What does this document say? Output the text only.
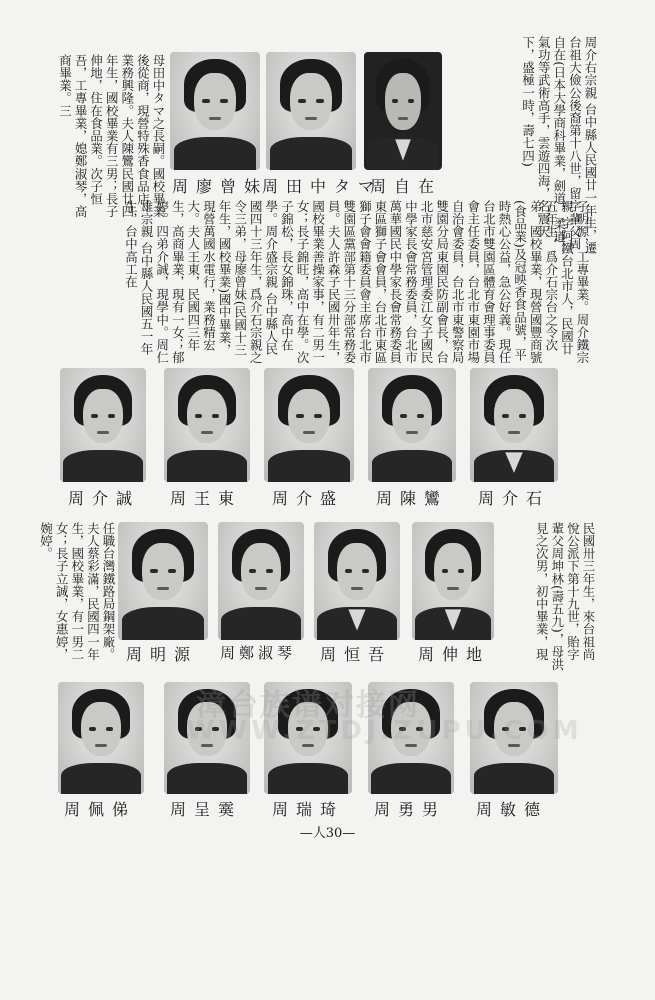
周介右宗親 台中縣人民國廿一年生，遷台祖大儉公後裔第十八世，留字輩父周自在(日本大學商科畢業，劍道，柔道，氣功等武術高手，雲遊四海，名震天下，盛極一時，壽七四)
母田中タマ之長嗣。國校畢業後從商，現營特殊香食品店，業務興隆。夫人陳鸞民國廿四年生，國校畢業有三男；長子伸地，住在食品業。次子恒吾，工專畢業，媳鄭淑琴，高商畢業。三
周自在
周田中タマ
周廖曾妹
子明源，工專畢業。周介鐵宗親 字阿鐵台北市人，民國廿五年生，爲介石宗台之令次弟。國校畢業，現營國豐商號(食品業)及冠映香食品號，平時熱心公益，急公好義。現任台北市雙園區體育會理事委員會主任委員，台北市東園市場自治會委員，台北市東警察局雙園分局東園民防副會長，台北市慈安宮管理委江女子國民中學家長會常務委員，台北市萬華國民中學家長會常務委員
東區獅子會會員，台北市東區獅子會會籍委員會主席台北市雙園區黨部第十三分部常務委員。夫人許森子民國卅年生，國校畢業善操家事，有二男一女；長子錦旺，高中在學。次子錦松，長女錦珠，高中在學。周介盛宗親 台中縣人民國四十三年生，爲介石宗親之令三弟，母廖曾妹(民國十三年生，國校畢業)國中畢業，現營萬國水電行，業務精宏大。夫人王東，民國四三年生，高商畢業，現有一女；郁婷。四弟介誠，現學中。周仁雄宗親 台中縣人民國五一年生，台中高工在
周介石
周陳鸞
周介盛
周王東
周介誠
民國卅三年生，來台祖尚悅公派下第十九世，貽字輩父周坤林(壽五九)，母洪見之次男，初中畢業，現
任職台灣鐵路局鋼架廠。夫人蔡彩滿，民國四一年生，國校畢業，有一男二女；長子立誠，女惠婷，婉婷。
周伸地
周恒吾
周鄭淑琴
周明源
周敏德
周勇男
周瑞琦
周呈霙
周佩俤
漳台族谱对接网
WWW.ZTDJ.ZUPU.COM
—人30—
